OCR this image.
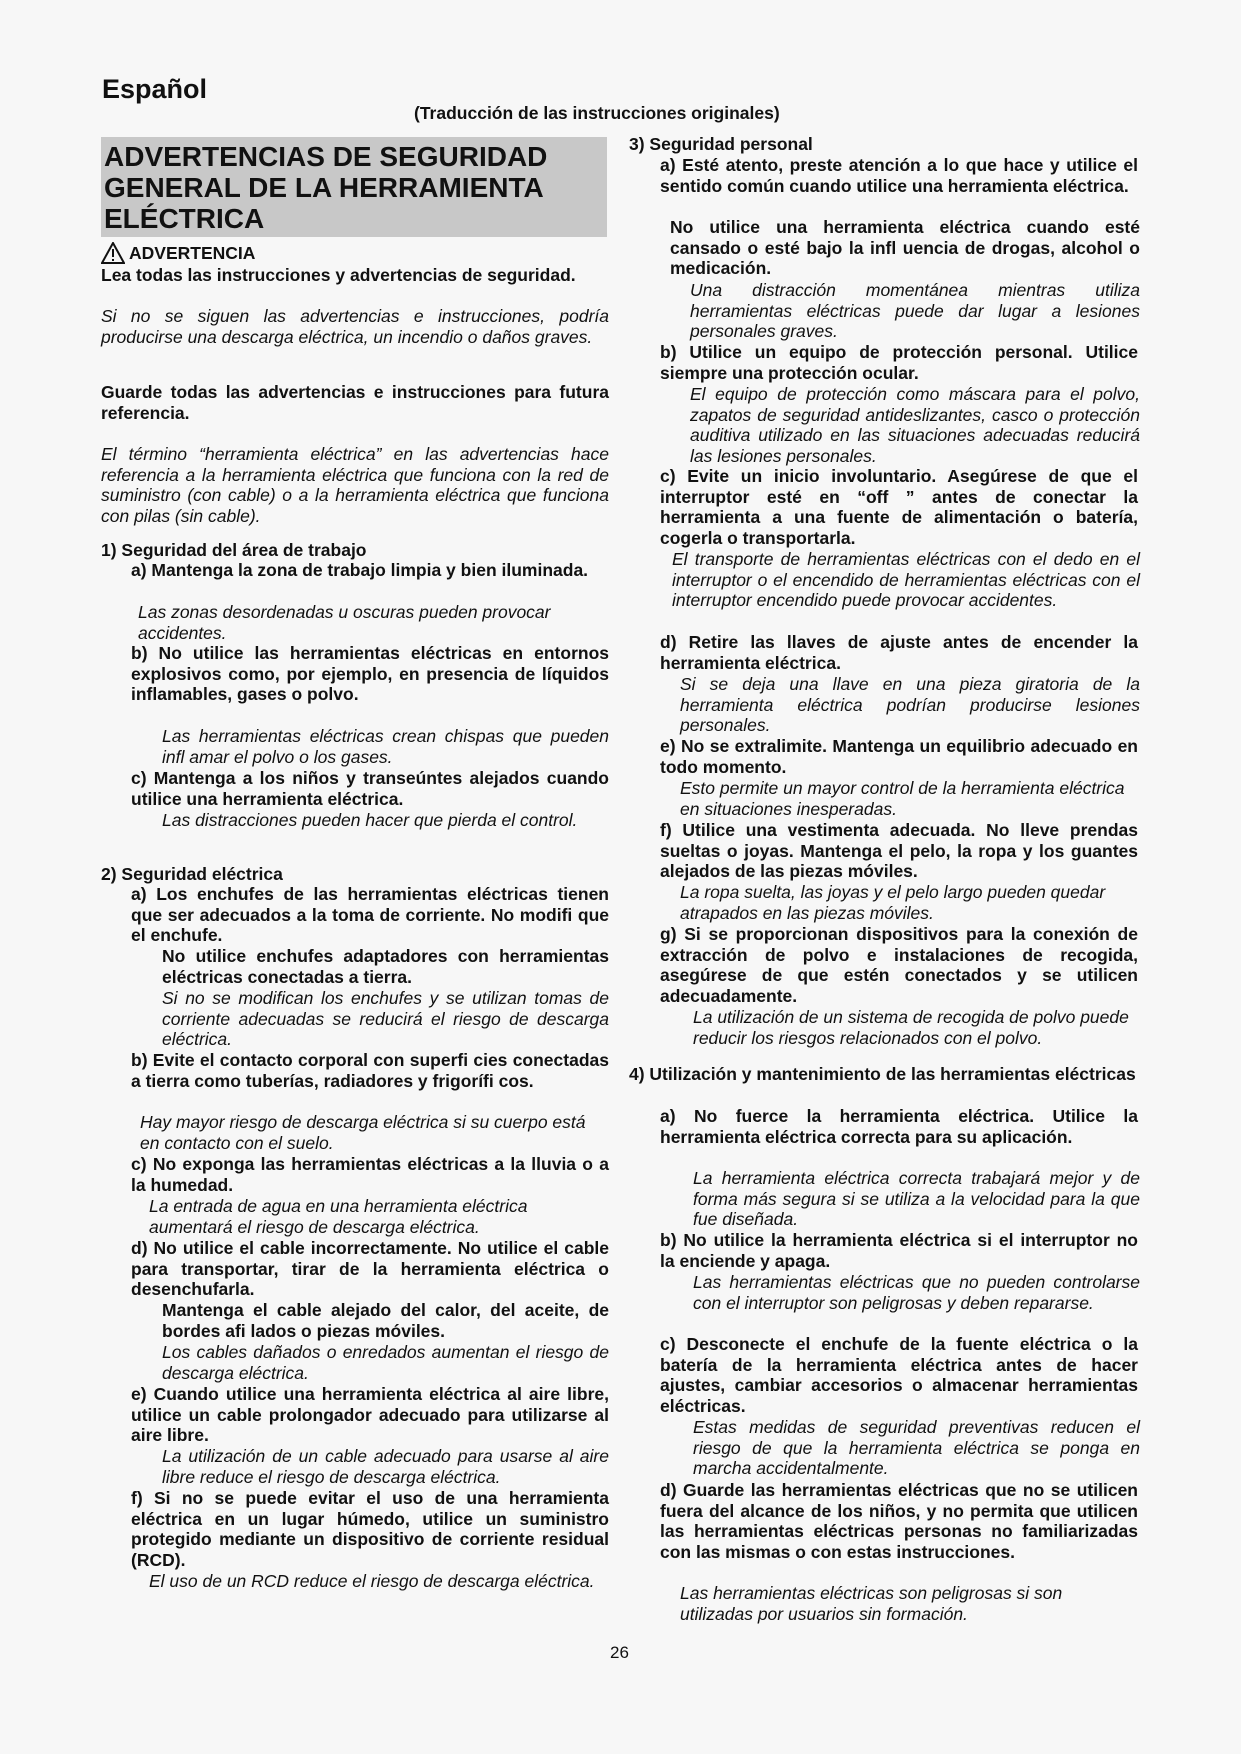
Español
(Traducción de las instrucciones originales)
ADVERTENCIAS DE SEGURIDAD GENERAL DE LA HERRAMIENTA ELÉCTRICA
ADVERTENCIA
Lea todas las instrucciones y advertencias de seguridad.
Si no se siguen las advertencias e instrucciones, podría producirse una descarga eléctrica, un incendio o daños graves.
Guarde todas las advertencias e instrucciones para futura referencia.
El término “herramienta eléctrica” en las advertencias hace referencia a la herramienta eléctrica que funciona con la red de suministro (con cable) o a la herramienta eléctrica que funciona con pilas (sin cable).
1) Seguridad del área de trabajo
a) Mantenga la zona de trabajo limpia y bien iluminada.
Las zonas desordenadas u oscuras pueden provocar accidentes.
b) No utilice las herramientas eléctricas en entornos explosivos como, por ejemplo, en presencia de líquidos inflamables, gases o polvo.
Las herramientas eléctricas crean chispas que pueden infl amar el polvo o los gases.
c) Mantenga a los niños y transeúntes alejados cuando utilice una herramienta eléctrica.
Las distracciones pueden hacer que pierda el control.
2) Seguridad eléctrica
a) Los enchufes de las herramientas eléctricas tienen que ser adecuados a la toma de corriente. No modifi que el enchufe.
No utilice enchufes adaptadores con herramientas eléctricas conectadas a tierra.
Si no se modifican los enchufes y se utilizan tomas de corriente adecuadas se reducirá el riesgo de descarga eléctrica.
b) Evite el contacto corporal con superfi cies conectadas a tierra como tuberías, radiadores y frigorífi cos.
Hay mayor riesgo de descarga eléctrica si su cuerpo está en contacto con el suelo.
c) No exponga las herramientas eléctricas a la lluvia o a la humedad.
La entrada de agua en una herramienta eléctrica aumentará el riesgo de descarga eléctrica.
d) No utilice el cable incorrectamente. No utilice el cable para transportar, tirar de la herramienta eléctrica o desenchufarla.
Mantenga el cable alejado del calor, del aceite, de bordes afi lados o piezas móviles.
Los cables dañados o enredados aumentan el riesgo de descarga eléctrica.
e) Cuando utilice una herramienta eléctrica al aire libre, utilice un cable prolongador adecuado para utilizarse al aire libre.
La utilización de un cable adecuado para usarse al aire libre reduce el riesgo de descarga eléctrica.
f) Si no se puede evitar el uso de una herramienta eléctrica en un lugar húmedo, utilice un suministro protegido mediante un dispositivo de corriente residual (RCD).
El uso de un RCD reduce el riesgo de descarga eléctrica.
3) Seguridad personal
a) Esté atento, preste atención a lo que hace y utilice el sentido común cuando utilice una herramienta eléctrica.
No utilice una herramienta eléctrica cuando esté cansado o esté bajo la infl uencia de drogas, alcohol o medicación.
Una distracción momentánea mientras utiliza herramientas eléctricas puede dar lugar a lesiones personales graves.
b) Utilice un equipo de protección personal. Utilice siempre una protección ocular.
El equipo de protección como máscara para el polvo, zapatos de seguridad antideslizantes, casco o protección auditiva utilizado en las situaciones adecuadas reducirá las lesiones personales.
c) Evite un inicio involuntario. Asegúrese de que el interruptor esté en “off ” antes de conectar la herramienta a una fuente de alimentación o batería, cogerla o transportarla.
El transporte de herramientas eléctricas con el dedo en el interruptor o el encendido de herramientas eléctricas con el interruptor encendido puede provocar accidentes.
d) Retire las llaves de ajuste antes de encender la herramienta eléctrica.
Si se deja una llave en una pieza giratoria de la herramienta eléctrica podrían producirse lesiones personales.
e) No se extralimite. Mantenga un equilibrio adecuado en todo momento.
Esto permite un mayor control de la herramienta eléctrica en situaciones inesperadas.
f) Utilice una vestimenta adecuada. No lleve prendas sueltas o joyas. Mantenga el pelo, la ropa y los guantes alejados de las piezas móviles.
La ropa suelta, las joyas y el pelo largo pueden quedar atrapados en las piezas móviles.
g) Si se proporcionan dispositivos para la conexión de extracción de polvo e instalaciones de recogida, asegúrese de que estén conectados y se utilicen adecuadamente.
La utilización de un sistema de recogida de polvo puede reducir los riesgos relacionados con el polvo.
4) Utilización y mantenimiento de las herramientas eléctricas
a) No fuerce la herramienta eléctrica. Utilice la herramienta eléctrica correcta para su aplicación.
La herramienta eléctrica correcta trabajará mejor y de forma más segura si se utiliza a la velocidad para la que fue diseñada.
b) No utilice la herramienta eléctrica si el interruptor no la enciende y apaga.
Las herramientas eléctricas que no pueden controlarse con el interruptor son peligrosas y deben repararse.
c) Desconecte el enchufe de la fuente eléctrica o la batería de la herramienta eléctrica antes de hacer ajustes, cambiar accesorios o almacenar herramientas eléctricas.
Estas medidas de seguridad preventivas reducen el riesgo de que la herramienta eléctrica se ponga en marcha accidentalmente.
d) Guarde las herramientas eléctricas que no se utilicen fuera del alcance de los niños, y no permita que utilicen las herramientas eléctricas personas no familiarizadas con las mismas o con estas instrucciones.
Las herramientas eléctricas son peligrosas si son utilizadas por usuarios sin formación.
26
